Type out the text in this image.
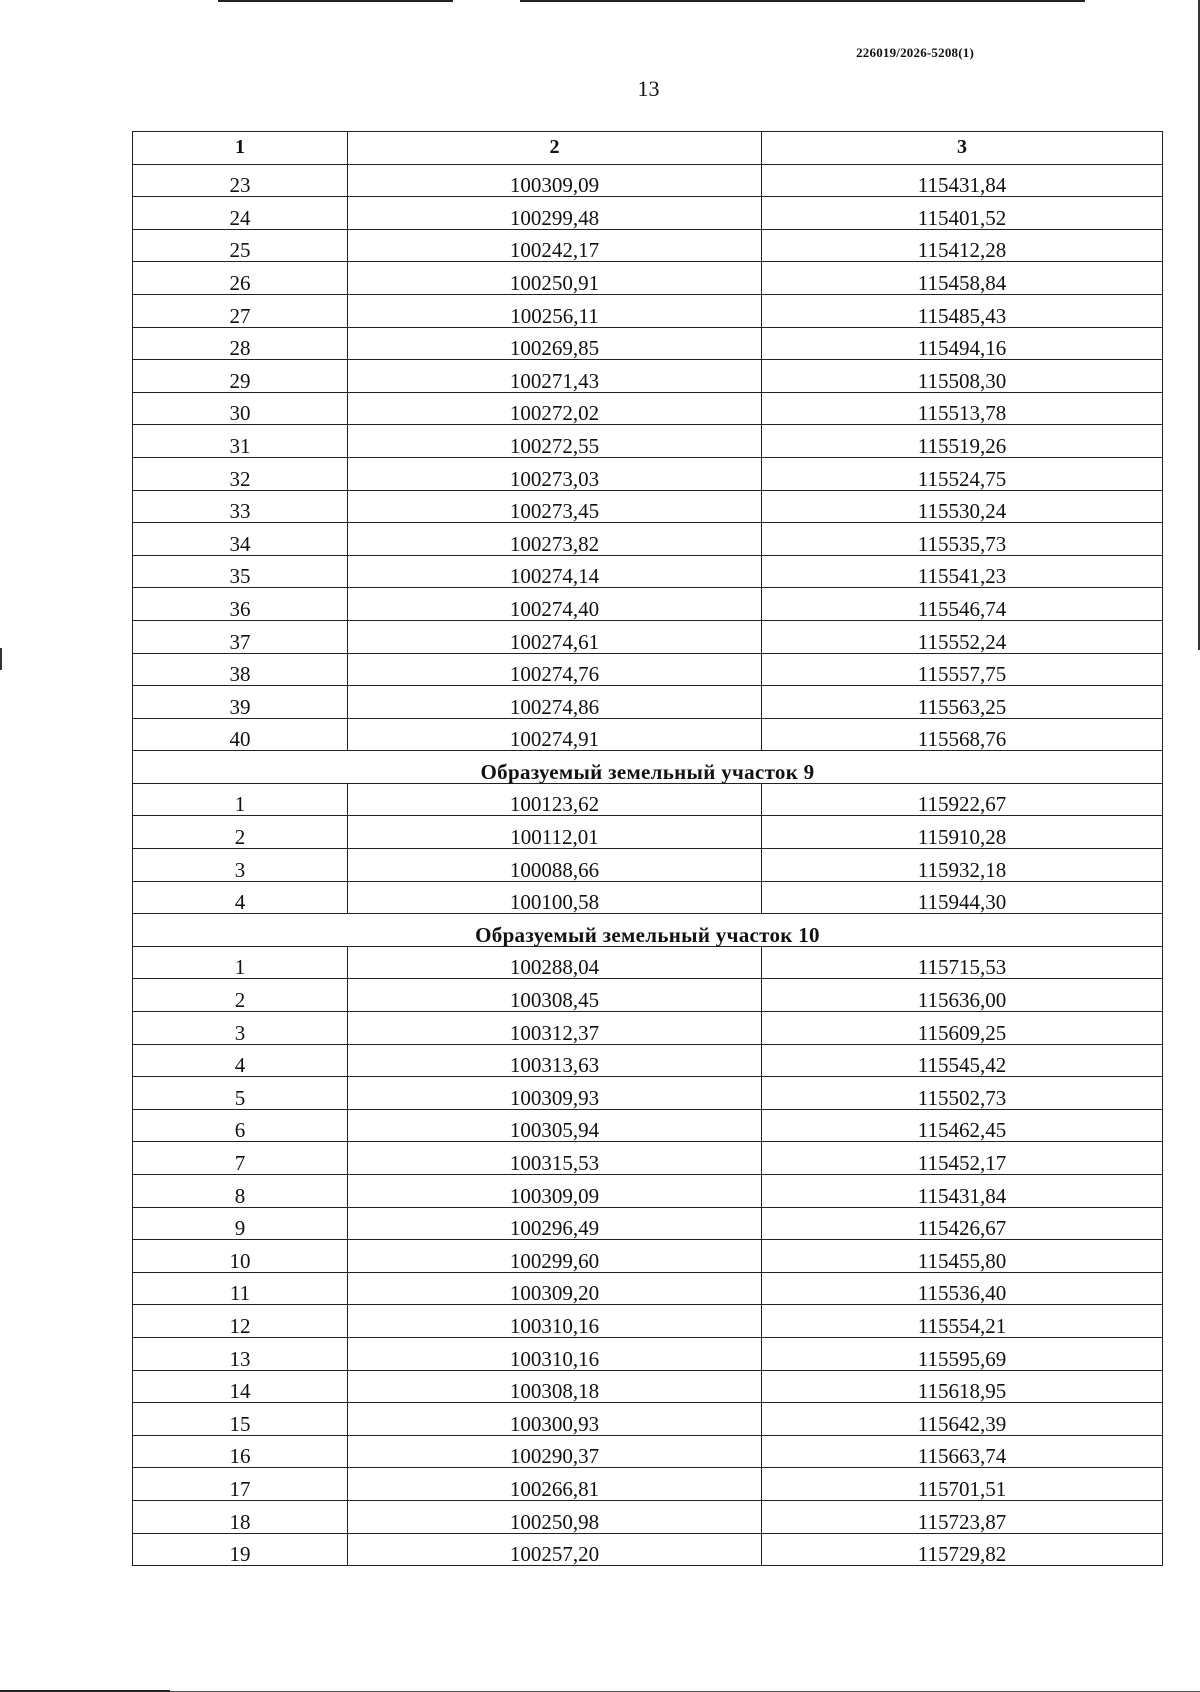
226019/2026-5208(1)
13
1	2	3
23	100309,09	115431,84
24	100299,48	115401,52
25	100242,17	115412,28
26	100250,91	115458,84
27	100256,11	115485,43
28	100269,85	115494,16
29	100271,43	115508,30
30	100272,02	115513,78
31	100272,55	115519,26
32	100273,03	115524,75
33	100273,45	115530,24
34	100273,82	115535,73
35	100274,14	115541,23
36	100274,40	115546,74
37	100274,61	115552,24
38	100274,76	115557,75
39	100274,86	115563,25
40	100274,91	115568,76
Образуемый земельный участок 9		
1	100123,62	115922,67
2	100112,01	115910,28
3	100088,66	115932,18
4	100100,58	115944,30
Образуемый земельный участок 10		
1	100288,04	115715,53
2	100308,45	115636,00
3	100312,37	115609,25
4	100313,63	115545,42
5	100309,93	115502,73
6	100305,94	115462,45
7	100315,53	115452,17
8	100309,09	115431,84
9	100296,49	115426,67
10	100299,60	115455,80
11	100309,20	115536,40
12	100310,16	115554,21
13	100310,16	115595,69
14	100308,18	115618,95
15	100300,93	115642,39
16	100290,37	115663,74
17	100266,81	115701,51
18	100250,98	115723,87
19	100257,20	115729,82
